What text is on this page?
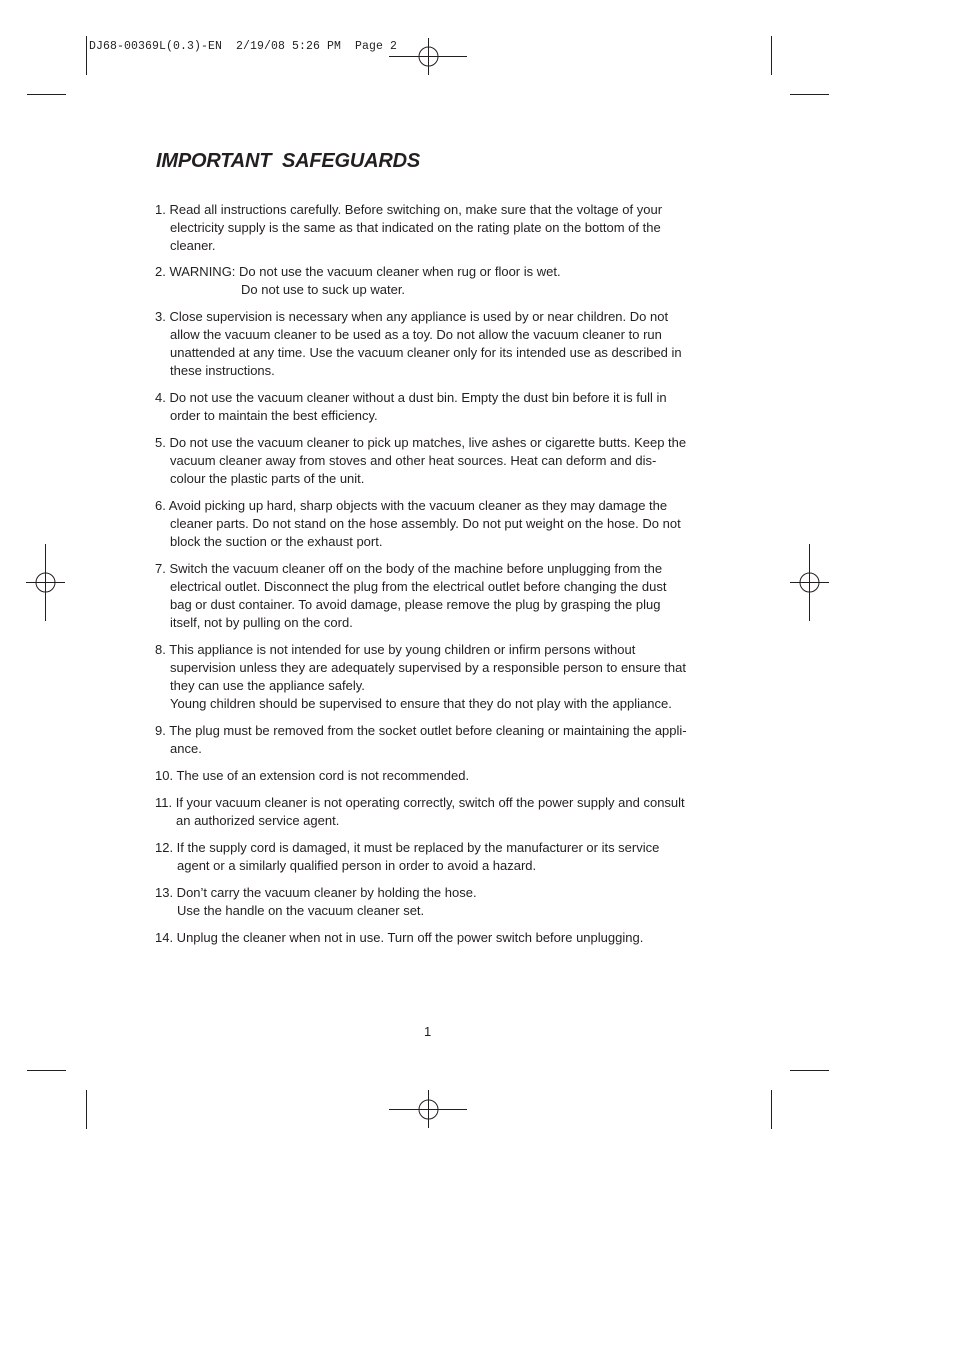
DJ68-00369L(0.3)-EN  2/19/08 5:26 PM  Page 2
IMPORTANT  SAFEGUARDS
1. Read all instructions carefully. Before switching on, make sure that the voltage of your
electricity supply is the same as that indicated on the rating plate on the bottom of the
cleaner.
2. WARNING: Do not use the vacuum cleaner when rug or floor is wet.
Do not use to suck up water.
3. Close supervision is necessary when any appliance is used by or near children. Do not
allow the vacuum cleaner to be used as a toy. Do not allow the vacuum cleaner to run
unattended at any time. Use the vacuum cleaner only for its intended use as described in
these instructions.
4. Do not use the vacuum cleaner without a dust bin. Empty the dust bin before it is full in
order to maintain the best efficiency.
5. Do not use the vacuum cleaner to pick up matches, live ashes or cigarette butts. Keep the
vacuum cleaner away from stoves and other heat sources. Heat can deform and dis-
colour the plastic parts of the unit.
6. Avoid picking up hard, sharp objects with the vacuum cleaner as they may damage the
cleaner parts. Do not stand on the hose assembly. Do not put weight on the hose. Do not
block the suction or the exhaust port.
7. Switch the vacuum cleaner off on the body of the machine before unplugging from the
electrical outlet. Disconnect the plug from the electrical outlet before changing the dust
bag or dust container. To avoid damage, please remove the plug by grasping the plug
itself, not by pulling on the cord.
8. This appliance is not intended for use by young children or infirm persons without
supervision unless they are adequately supervised by a responsible person to ensure that
they can use the appliance safely.
Young children should be supervised to ensure that they do not play with the appliance.
9. The plug must be removed from the socket outlet before cleaning or maintaining the appli-
ance.
10. The use of an extension cord is not recommended.
11. If your vacuum cleaner is not operating correctly, switch off the power supply and consult
an authorized service agent.
12. If the supply cord is damaged, it must be replaced by the manufacturer or its service
agent or a similarly qualified person in order to avoid a hazard.
13. Don’t carry the vacuum cleaner by holding the hose.
Use the handle on the vacuum cleaner set.
14. Unplug the cleaner when not in use. Turn off the power switch before unplugging.
1
